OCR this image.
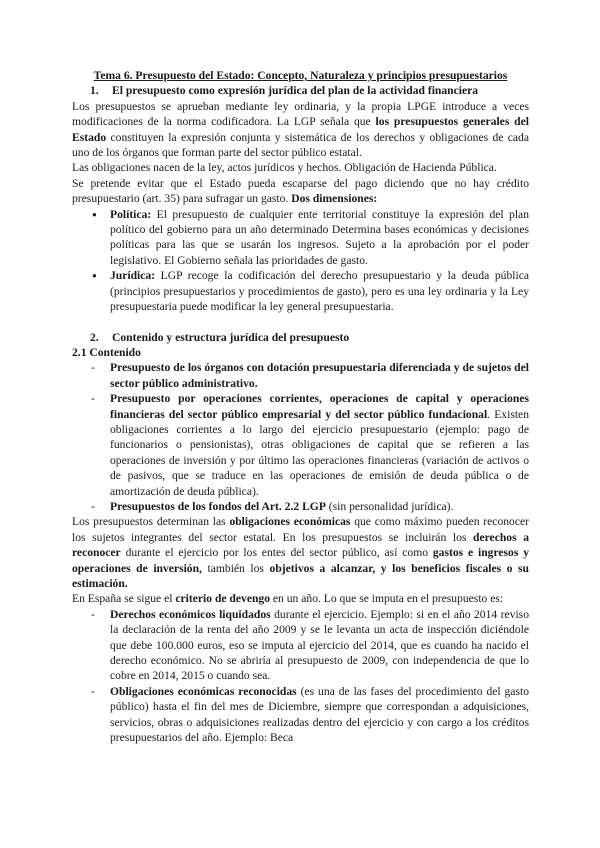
Tema 6. Presupuesto del Estado: Concepto, Naturaleza y principios presupuestarios

1. El presupuesto como expresión jurídica del plan de la actividad financiera

Los presupuestos se aprueban mediante ley ordinaria, y la propia LPGE introduce a veces modificaciones de la norma codificadora. La LGP señala que los presupuestos generales del Estado constituyen la expresión conjunta y sistemática de los derechos y obligaciones de cada uno de los órganos que forman parte del sector público estatal.

Las obligaciones nacen de la ley, actos jurídicos y hechos. Obligación de Hacienda Pública.

Se pretende evitar que el Estado pueda escaparse del pago diciendo que no hay crédito presupuestario (art. 35) para sufragar un gasto. Dos dimensiones:

● Política: El presupuesto de cualquier ente territorial constituye la expresión del plan político del gobierno para un año determinado Determina bases económicas y decisiones políticas para las que se usarán los ingresos. Sujeto a la aprobación por el poder legislativo. El Gobierno señala las prioridades de gasto.
● Jurídica: LGP recoge la codificación del derecho presupuestario y la deuda pública (principios presupuestarios y procedimientos de gasto), pero es una ley ordinaria y la Ley presupuestaria puede modificar la ley general presupuestaria.

2. Contenido y estructura jurídica del presupuesto

2.1 Contenido

- Presupuesto de los órganos con dotación presupuestaria diferenciada y de sujetos del sector público administrativo.
- Presupuesto por operaciones corrientes, operaciones de capital y operaciones financieras del sector público empresarial y del sector público fundacional. Existen obligaciones corrientes a lo largo del ejercicio presupuestario (ejemplo: pago de funcionarios o pensionistas), otras obligaciones de capital que se refieren a las operaciones de inversión y por último las operaciones financieras (variación de activos o de pasivos, que se traduce en las operaciones de emisión de deuda pública o de amortización de deuda pública).
- Presupuestos de los fondos del Art. 2.2 LGP (sin personalidad jurídica).

Los presupuestos determinan las obligaciones económicas que como máximo pueden reconocer los sujetos integrantes del sector estatal. En los presupuestos se incluirán los derechos a reconocer durante el ejercicio por los entes del sector público, así como gastos e ingresos y operaciones de inversión, también los objetivos a alcanzar, y los beneficios fiscales o su estimación.

En España se sigue el criterio de devengo en un año. Lo que se imputa en el presupuesto es:

- Derechos económicos liquidados durante el ejercicio. Ejemplo: si en el año 2014 reviso la declaración de la renta del año 2009 y se le levanta un acta de inspección diciéndole que debe 100.000 euros, eso se imputa al ejercicio del 2014, que es cuando ha nacido el derecho económico. No se abriría al presupuesto de 2009, con independencia de que lo cobre en 2014, 2015 o cuando sea.
- Obligaciones económicas reconocidas (es una de las fases del procedimiento del gasto público) hasta el fin del mes de Diciembre, siempre que correspondan a adquisiciones, servicios, obras o adquisiciones realizadas dentro del ejercicio y con cargo a los créditos presupuestarios del año. Ejemplo: Beca
